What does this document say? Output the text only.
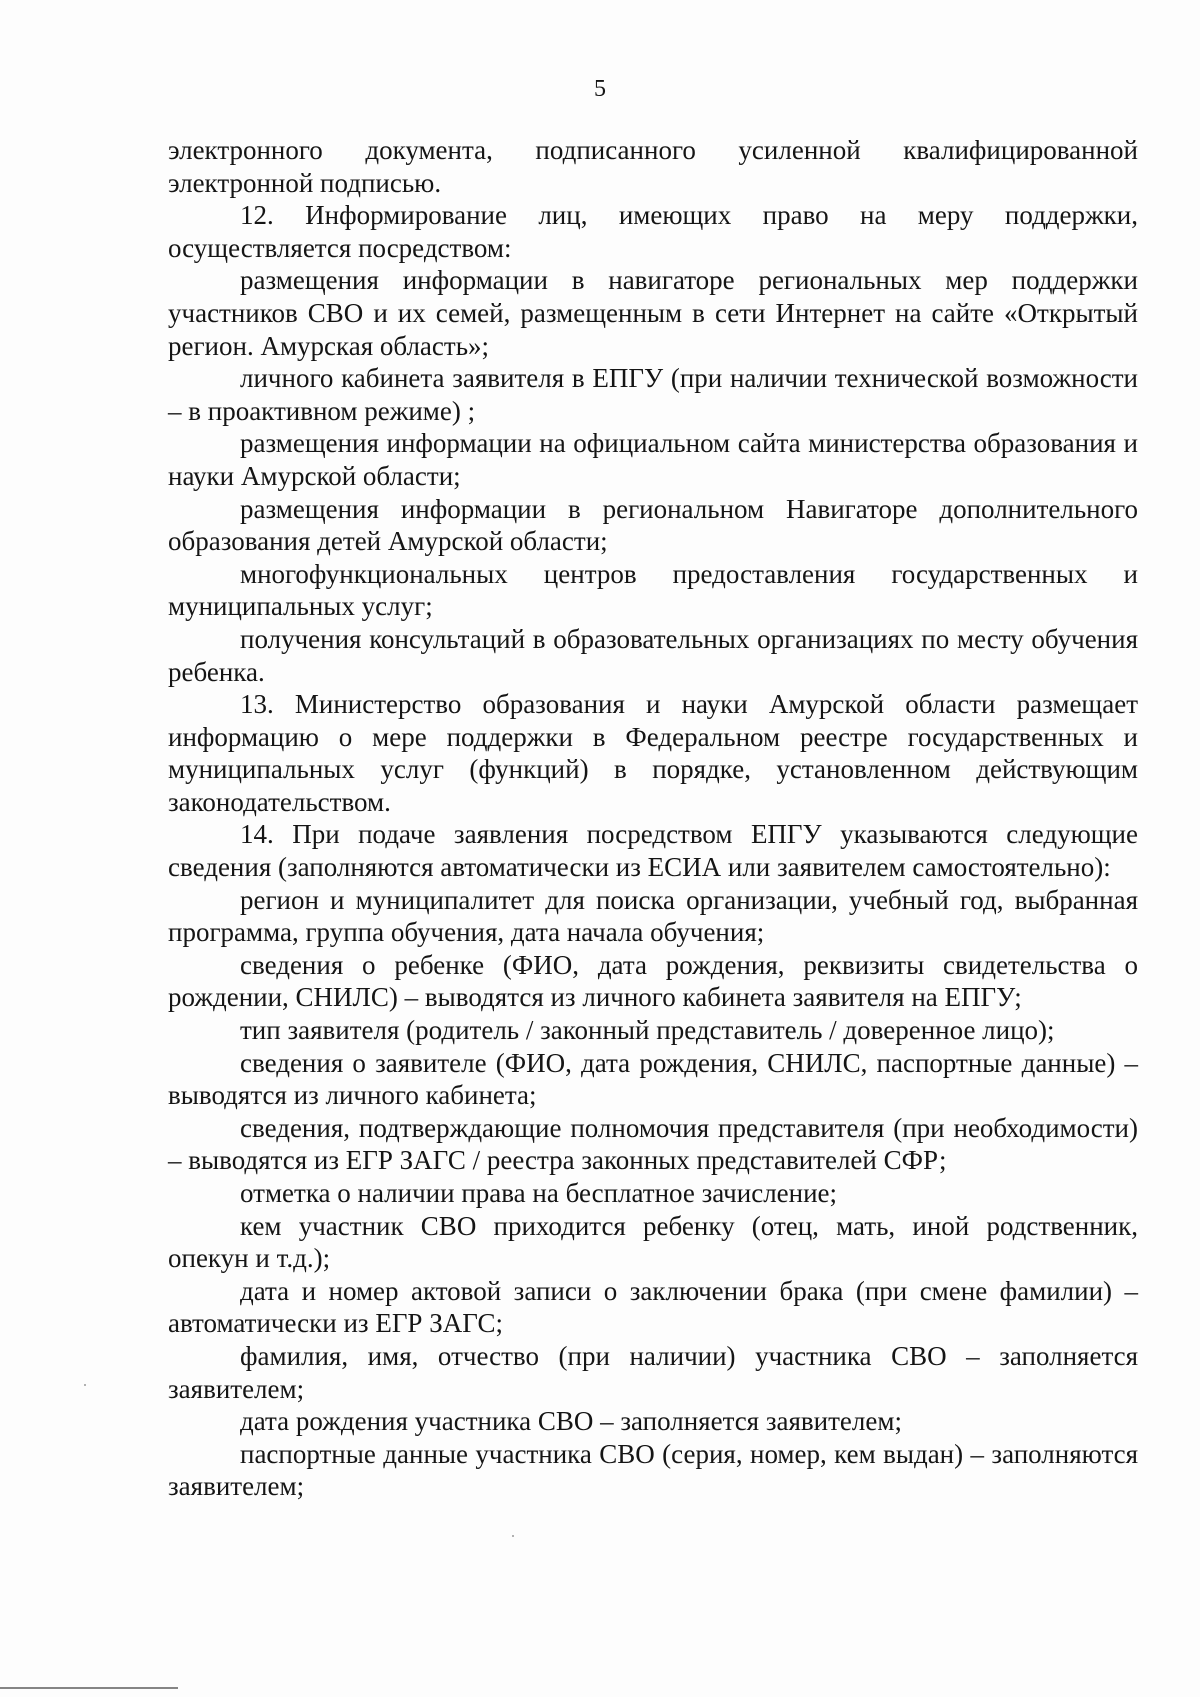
5

электронного документа, подписанного усиленной квалифицированной электронной подписью.

12. Информирование лиц, имеющих право на меру поддержки, осуществляется посредством:

размещения информации в навигаторе региональных мер поддержки участников СВО и их семей, размещенным в сети Интернет на сайте «Открытый регион. Амурская область»;

личного кабинета заявителя в ЕПГУ (при наличии технической возможности – в проактивном режиме) ;

размещения информации на официальном сайта министерства образования и науки Амурской области;

размещения информации в региональном Навигаторе дополнительного образования детей Амурской области;

многофункциональных центров предоставления государственных и муниципальных услуг;

получения консультаций в образовательных организациях по месту обучения ребенка.

13. Министерство образования и науки Амурской области размещает информацию о мере поддержки в Федеральном реестре государственных и муниципальных услуг (функций) в порядке, установленном действующим законодательством.

14. При подаче заявления посредством ЕПГУ указываются следующие сведения (заполняются автоматически из ЕСИА или заявителем самостоятельно):

регион и муниципалитет для поиска организации, учебный год, выбранная программа, группа обучения, дата начала обучения;

сведения о ребенке (ФИО, дата рождения, реквизиты свидетельства о рождении, СНИЛС) – выводятся из личного кабинета заявителя на ЕПГУ;

тип заявителя (родитель / законный представитель / доверенное лицо);

сведения о заявителе (ФИО, дата рождения, СНИЛС, паспортные данные) – выводятся из личного кабинета;

сведения, подтверждающие полномочия представителя (при необходимости) – выводятся из ЕГР ЗАГС / реестра законных представителей СФР;

отметка о наличии права на бесплатное зачисление;

кем участник СВО приходится ребенку (отец, мать, иной родственник, опекун и т.д.);

дата и номер актовой записи о заключении брака (при смене фамилии) – автоматически из ЕГР ЗАГС;

фамилия, имя, отчество (при наличии) участника СВО – заполняется заявителем;

дата рождения участника СВО – заполняется заявителем;

паспортные данные участника СВО (серия, номер, кем выдан) – заполняются заявителем;
